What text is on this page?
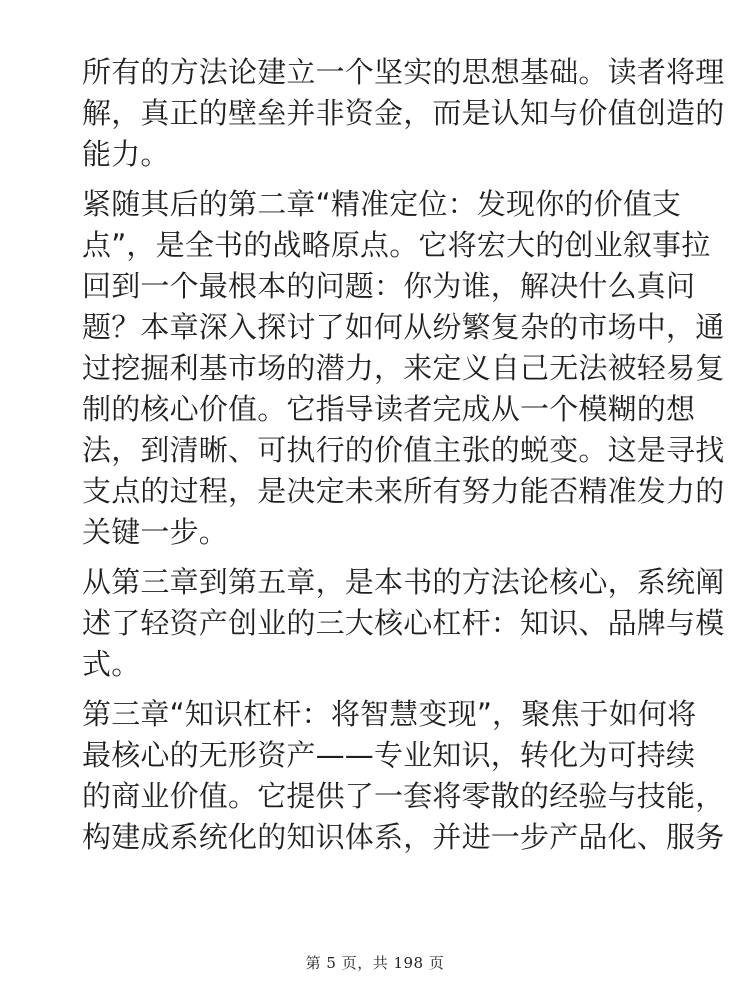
所有的方法论建立一个坚实的思想基础。读者将理
解，真正的壁垒并非资金，而是认知与价值创造的
能力。
紧随其后的第二章“精准定位：发现你的价值支
点”，是全书的战略原点。它将宏大的创业叙事拉
回到一个最根本的问题：你为谁，解决什么真问
题？本章深入探讨了如何从纷繁复杂的市场中，通
过挖掘利基市场的潜力，来定义自己无法被轻易复
制的核心价值。它指导读者完成从一个模糊的想
法，到清晰、可执行的价值主张的蜕变。这是寻找
支点的过程，是决定未来所有努力能否精准发力的
关键一步。
从第三章到第五章，是本书的方法论核心，系统阐
述了轻资产创业的三大核心杠杆：知识、品牌与模
式。
第三章“知识杠杆：将智慧变现”，聚焦于如何将
最核心的无形资产——专业知识，转化为可持续
的商业价值。它提供了一套将零散的经验与技能，
构建成系统化的知识体系，并进一步产品化、服务
第 5 页，共 198 页
